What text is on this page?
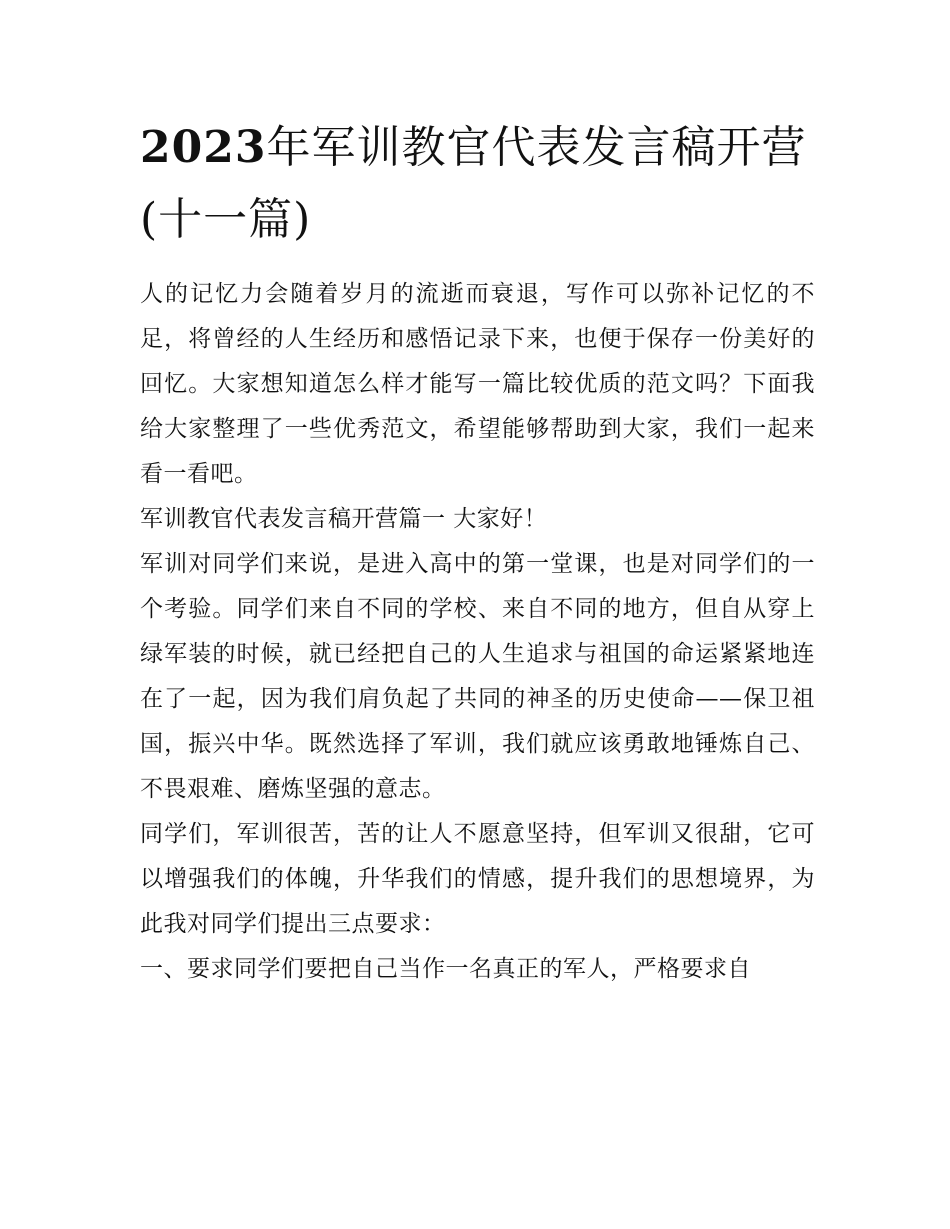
2023年军训教官代表发言稿开营(十一篇)

人的记忆力会随着岁月的流逝而衰退，写作可以弥补记忆的不足，将曾经的人生经历和感悟记录下来，也便于保存一份美好的回忆。大家想知道怎么样才能写一篇比较优质的范文吗？下面我给大家整理了一些优秀范文，希望能够帮助到大家，我们一起来看一看吧。

军训教官代表发言稿开营篇一 大家好！

军训对同学们来说，是进入高中的第一堂课，也是对同学们的一个考验。同学们来自不同的学校、来自不同的地方，但自从穿上绿军装的时候，就已经把自己的人生追求与祖国的命运紧紧地连在了一起，因为我们肩负起了共同的神圣的历史使命——保卫祖国，振兴中华。既然选择了军训，我们就应该勇敢地锤炼自己、不畏艰难、磨炼坚强的意志。

同学们，军训很苦，苦的让人不愿意坚持，但军训又很甜，它可以增强我们的体魄，升华我们的情感，提升我们的思想境界，为此我对同学们提出三点要求：

一、要求同学们要把自己当作一名真正的军人，严格要求自
